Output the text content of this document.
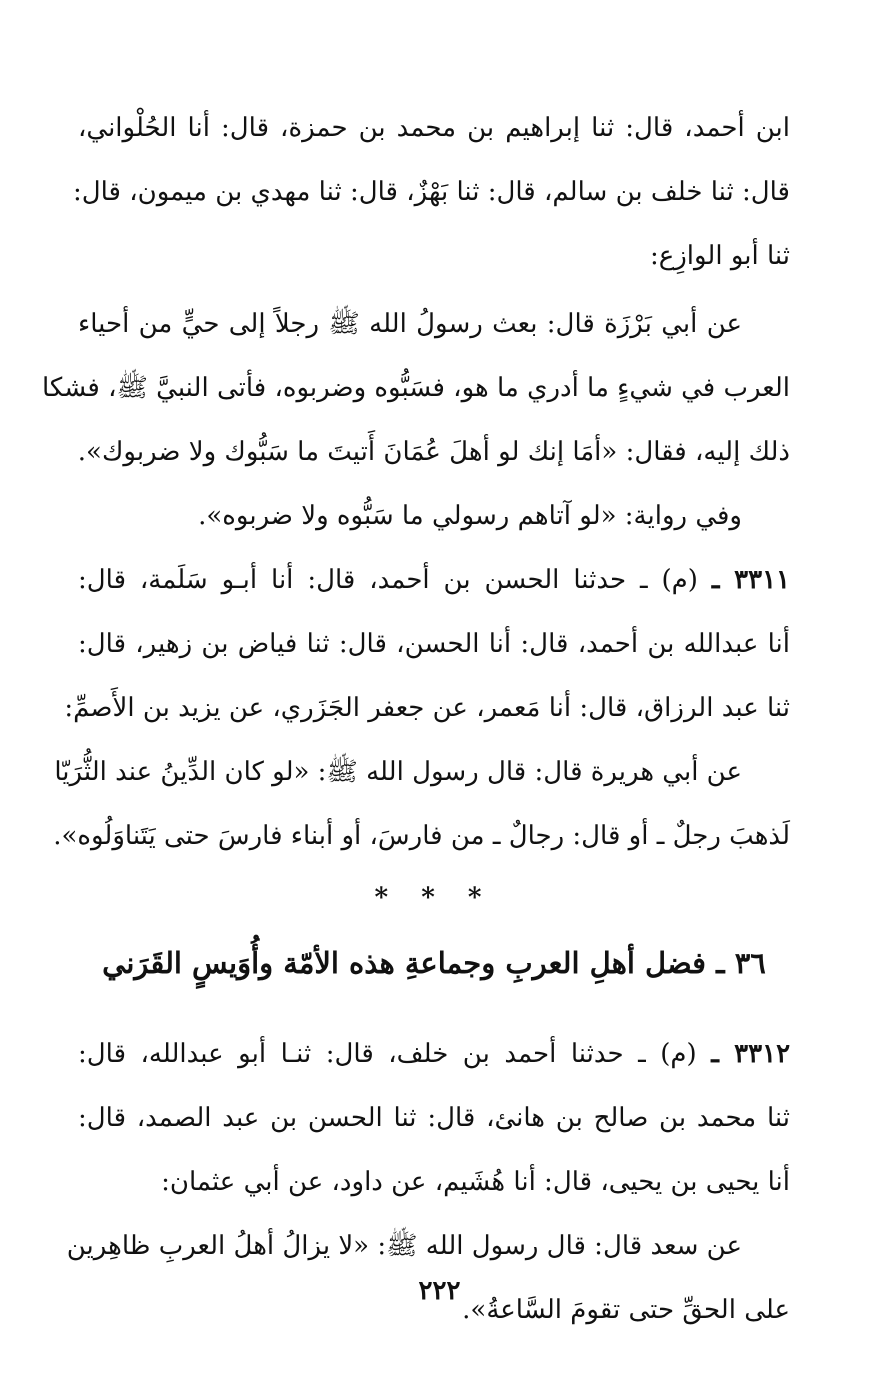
ابن أحمد، قال: ثنا إبراهيم بن محمد بن حمزة، قال: أنا الحُلْواني،
قال: ثنا خلف بن سالم، قال: ثنا بَهْزٌ، قال: ثنا مهدي بن ميمون، قال:
ثنا أبو الوازِع:
عن أبي بَرْزَة قال: بعث رسولُ الله ﷺ رجلاً إلى حيٍّ من أحياء
العرب في شيءٍ ما أدري ما هو، فسَبُّوه وضربوه، فأتى النبيَّ ﷺ، فشكا
ذلك إليه، فقال: «أمَا إنك لو أهلَ عُمَانَ أَتيتَ ما سَبُّوك ولا ضربوك».
وفي رواية: «لو آتاهم رسولي ما سَبُّوه ولا ضربوه».
٣٣١١ ـ (م) ـ حدثنا الحسن بن أحمد، قال: أنا أبـو سَلَمة، قال:
أنا عبدالله بن أحمد، قال: أنا الحسن، قال: ثنا فياض بن زهير، قال:
ثنا عبد الرزاق، قال: أنا مَعمر، عن جعفر الجَزَري، عن يزيد بن الأَصمِّ:
عن أبي هريرة قال: قال رسول الله ﷺ: «لو كان الدِّينُ عند الثُّرَيّا
لَذهبَ رجلٌ ـ أو قال: رجالٌ ـ من فارسَ، أو أبناء فارسَ حتى يَتَناوَلُوه».
* * *
٣٦ ـ فضل أهلِ العربِ وجماعةِ هذه الأمّة وأُوَيسٍ القَرَني
٣٣١٢ ـ (م) ـ حدثنا أحمد بن خلف، قال: ثنـا أبو عبدالله، قال:
ثنا محمد بن صالح بن هانئ، قال: ثنا الحسن بن عبد الصمد، قال:
أنا يحيى بن يحيى، قال: أنا هُشَيم، عن داود، عن أبي عثمان:
عن سعد قال: قال رسول الله ﷺ: «لا يزالُ أهلُ العربِ ظاهِرين
على الحقِّ حتى تقومَ السَّاعةُ».
٢٢٢
